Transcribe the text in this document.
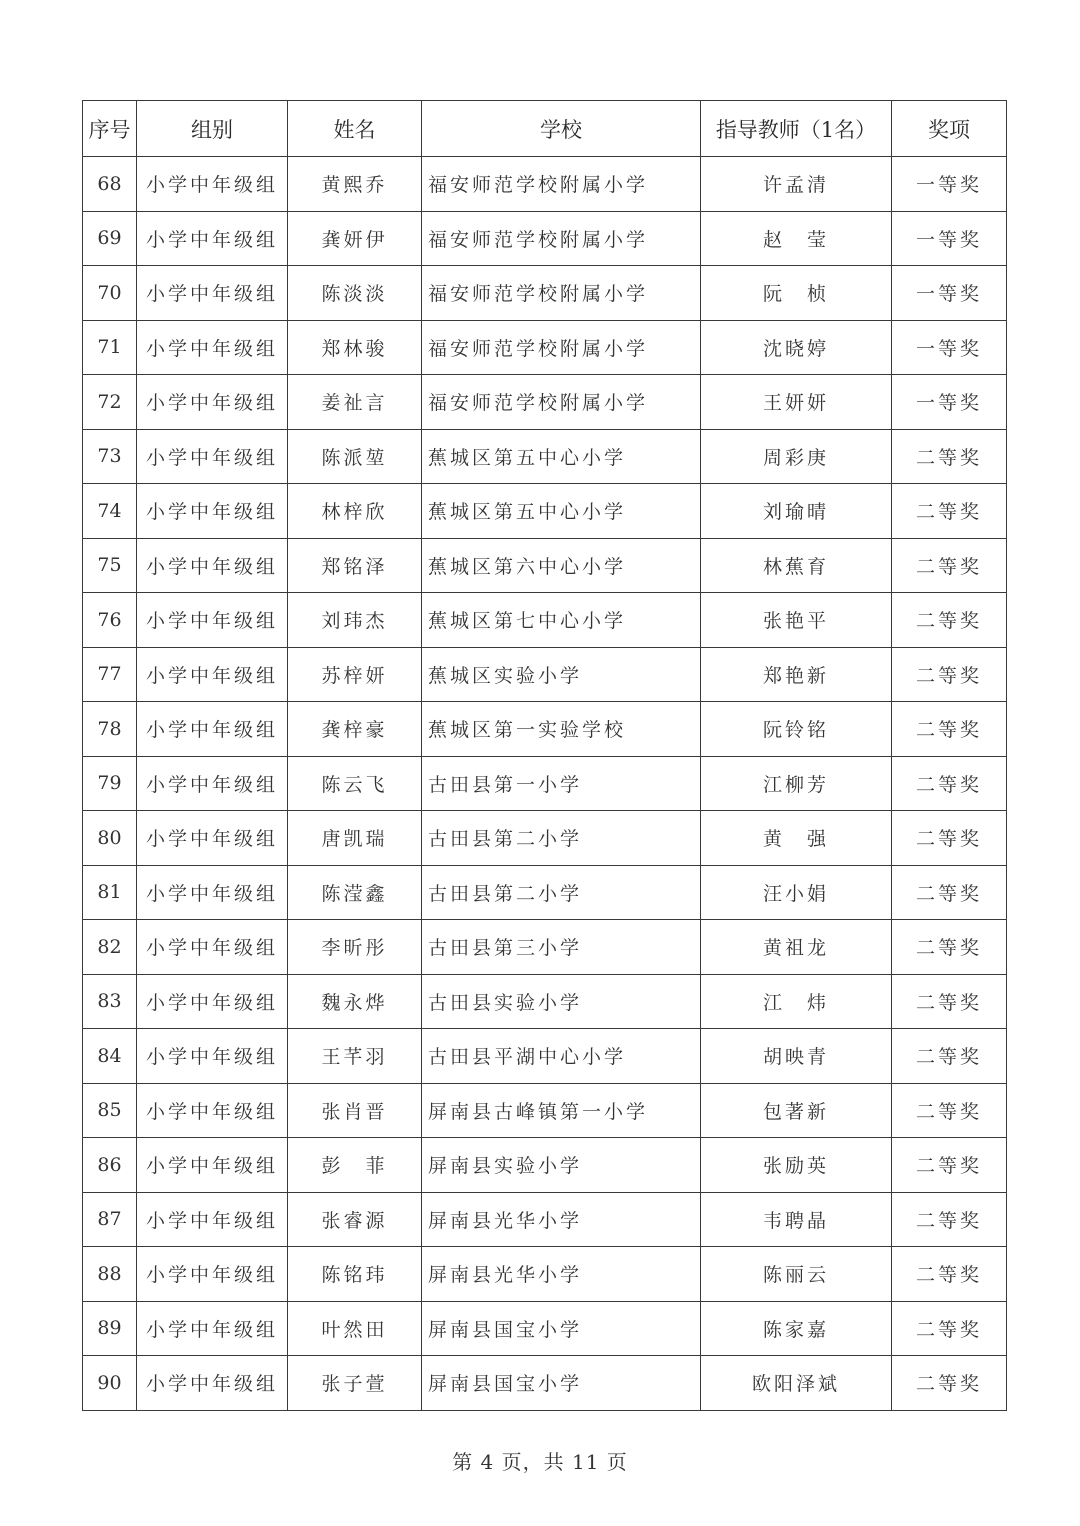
序号	组别	姓名	学校	指导教师（1名）	奖项
68	小学中年级组	黄熙乔	福安师范学校附属小学	许孟清	一等奖
69	小学中年级组	龚妍伊	福安师范学校附属小学	赵　莹	一等奖
70	小学中年级组	陈淡淡	福安师范学校附属小学	阮　桢	一等奖
71	小学中年级组	郑林骏	福安师范学校附属小学	沈晓婷	一等奖
72	小学中年级组	姜祉言	福安师范学校附属小学	王妍妍	一等奖
73	小学中年级组	陈派堃	蕉城区第五中心小学	周彩庚	二等奖
74	小学中年级组	林梓欣	蕉城区第五中心小学	刘瑜晴	二等奖
75	小学中年级组	郑铭泽	蕉城区第六中心小学	林蕉育	二等奖
76	小学中年级组	刘玮杰	蕉城区第七中心小学	张艳平	二等奖
77	小学中年级组	苏梓妍	蕉城区实验小学	郑艳新	二等奖
78	小学中年级组	龚梓豪	蕉城区第一实验学校	阮铃铭	二等奖
79	小学中年级组	陈云飞	古田县第一小学	江柳芳	二等奖
80	小学中年级组	唐凯瑞	古田县第二小学	黄　强	二等奖
81	小学中年级组	陈滢鑫	古田县第二小学	汪小娟	二等奖
82	小学中年级组	李昕彤	古田县第三小学	黄祖龙	二等奖
83	小学中年级组	魏永烨	古田县实验小学	江　炜	二等奖
84	小学中年级组	王芊羽	古田县平湖中心小学	胡映青	二等奖
85	小学中年级组	张肖晋	屏南县古峰镇第一小学	包著新	二等奖
86	小学中年级组	彭　菲	屏南县实验小学	张励英	二等奖
87	小学中年级组	张睿源	屏南县光华小学	韦聘晶	二等奖
88	小学中年级组	陈铭玮	屏南县光华小学	陈丽云	二等奖
89	小学中年级组	叶然田	屏南县国宝小学	陈家嘉	二等奖
90	小学中年级组	张子萱	屏南县国宝小学	欧阳泽斌	二等奖
第 4 页，共 11 页
